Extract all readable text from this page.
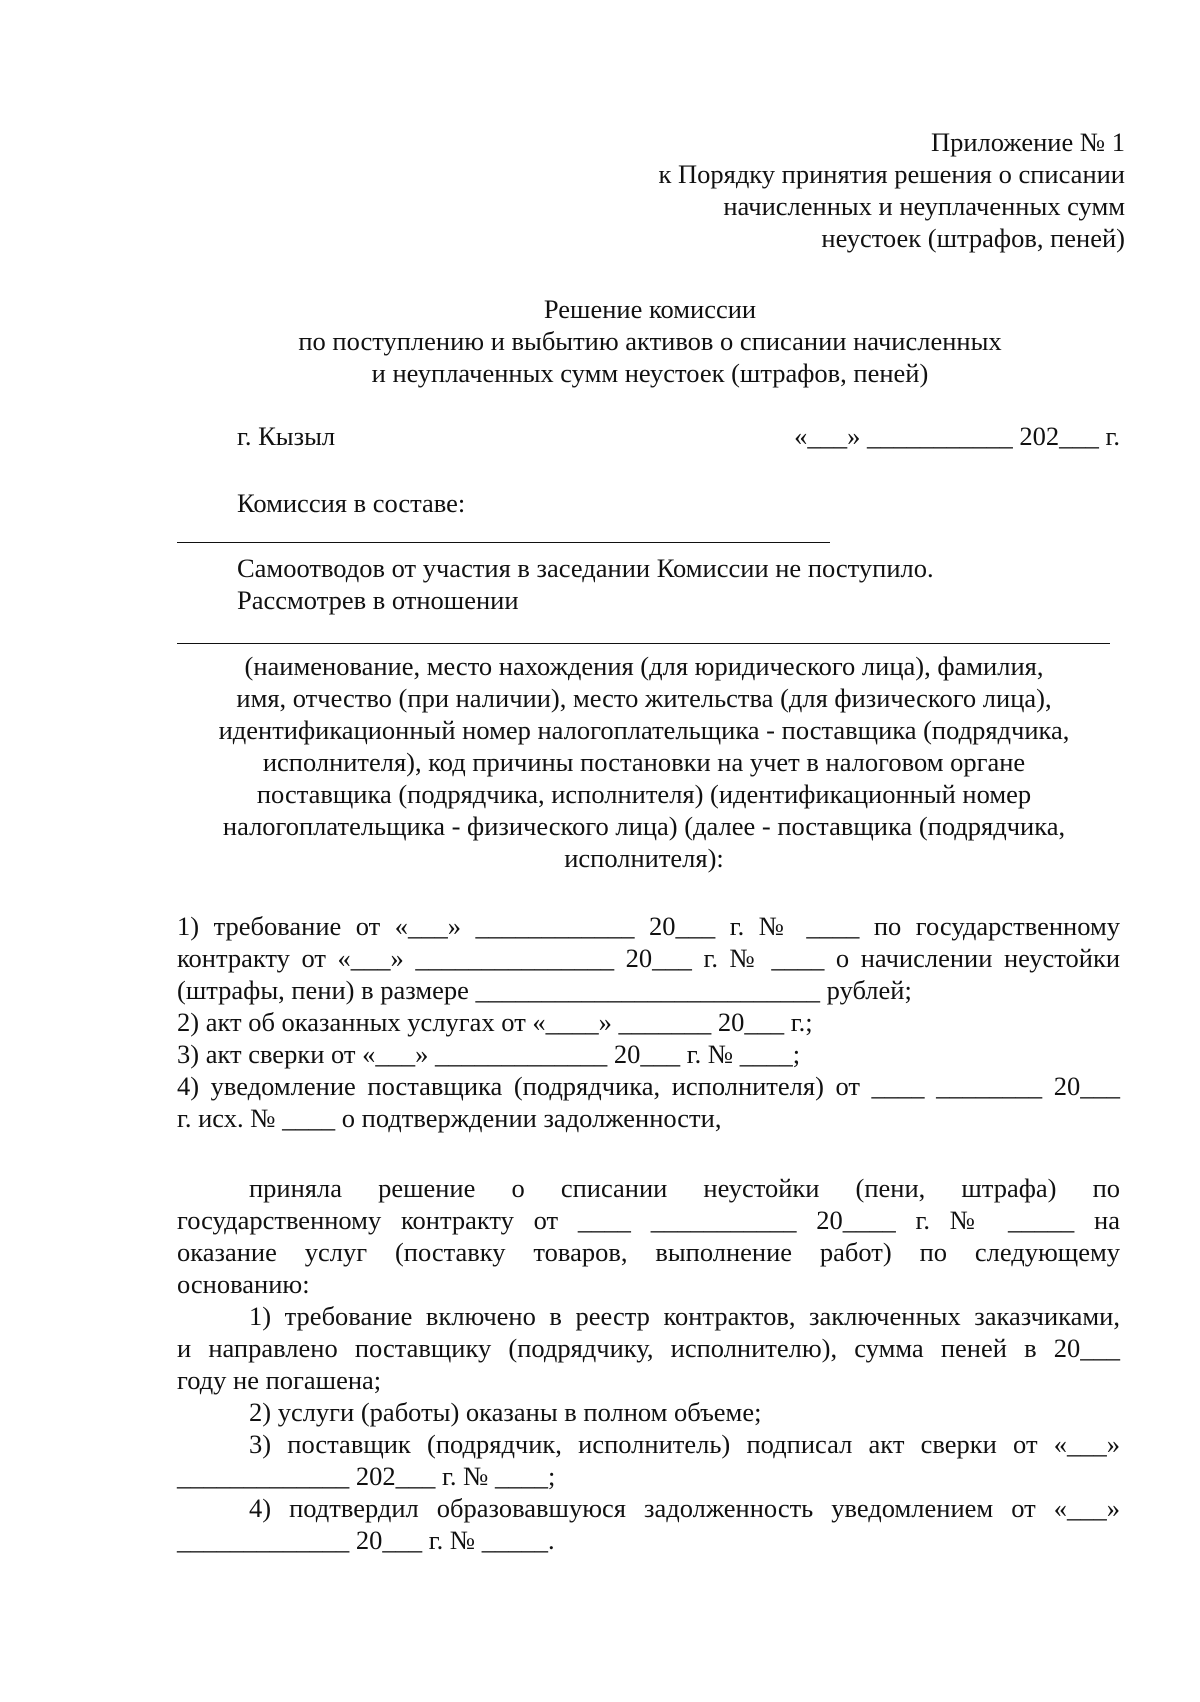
Приложение № 1
к Порядку принятия решения о списании
начисленных и неуплаченных сумм
неустоек (штрафов, пеней)
Решение комиссии
по поступлению и выбытию активов о списании начисленных
и неуплаченных сумм неустоек (штрафов, пеней)
г. Кызыл	«___» ___________ 202___ г.
Комиссия в составе:
Самоотводов от участия в заседании Комиссии не поступило.
Рассмотрев в отношении
(наименование, место нахождения (для юридического лица), фамилия,
имя, отчество (при наличии), место жительства (для физического лица),
идентификационный номер налогоплательщика - поставщика (подрядчика,
исполнителя), код причины постановки на учет в налоговом органе
поставщика (подрядчика, исполнителя) (идентификационный номер
налогоплательщика - физического лица) (далее - поставщика (подрядчика,
исполнителя):
1) требование от «___» ____________ 20___ г. № ____ по государственному
контракту от «___» _______________ 20___ г. № ____ о начислении неустойки
(штрафы, пени) в размере __________________________ рублей;
2) акт об оказанных услугах от «____» _______ 20___ г.;
3) акт сверки от «___» _____________ 20___ г. № ____;
4) уведомление поставщика (подрядчика, исполнителя) от ____ ________ 20___
г. исх. № ____ о подтверждении задолженности,
приняла решение о списании неустойки (пени, штрафа) по
государственному контракту от ____ ___________ 20____ г. № _____ на
оказание услуг (поставку товаров, выполнение работ) по следующему
основанию:
1) требование включено в реестр контрактов, заключенных заказчиками,
и направлено поставщику (подрядчику, исполнителю), сумма пеней в 20___
году не погашена;
2) услуги (работы) оказаны в полном объеме;
3) поставщик (подрядчик, исполнитель) подписал акт сверки от «___»
_____________ 202___ г. № ____;
4) подтвердил образовавшуюся задолженность уведомлением от «___»
_____________ 20___ г. № _____.
